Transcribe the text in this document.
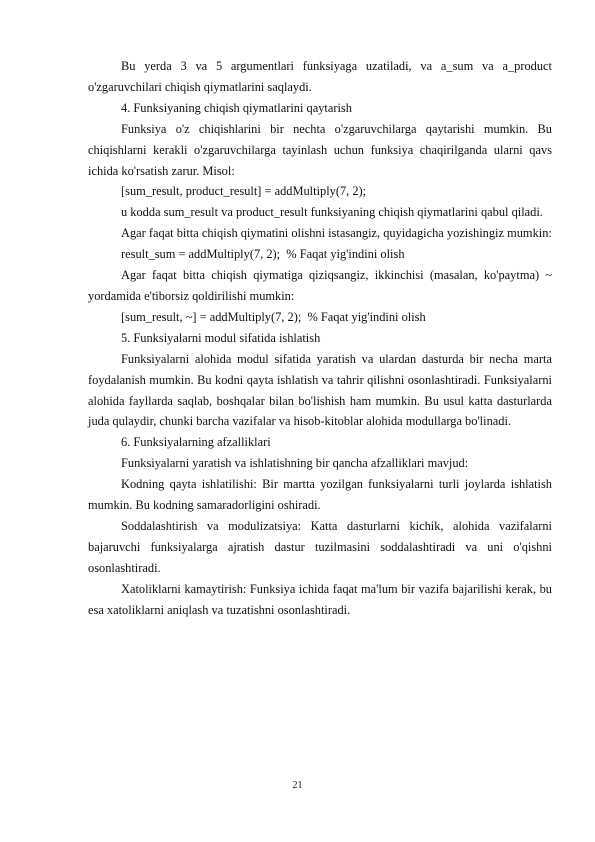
Bu yerda 3 va 5 argumentlari funksiyaga uzatiladi, va a_sum va a_product o'zgaruvchilari chiqish qiymatlarini saqlaydi.

4. Funksiyaning chiqish qiymatlarini qaytarish

Funksiya o'z chiqishlarini bir nechta o'zgaruvchilarga qaytarishi mumkin. Bu chiqishlarni kerakli o'zgaruvchilarga tayinlash uchun funksiya chaqirilganda ularni qavs ichida ko'rsatish zarur. Misol:

[sum_result, product_result] = addMultiply(7, 2);

u kodda sum_result va product_result funksiyaning chiqish qiymatlarini qabul qiladi.

Agar faqat bitta chiqish qiymatini olishni istasangiz, quyidagicha yozishingiz mumkin:

result_sum = addMultiply(7, 2);  % Faqat yig'indini olish

Agar faqat bitta chiqish qiymatiga qiziqsangiz, ikkinchisi (masalan, ko'paytma) ~ yordamida e'tiborsiz qoldirilishi mumkin:

[sum_result, ~] = addMultiply(7, 2);  % Faqat yig'indini olish

5. Funksiyalarni modul sifatida ishlatish

Funksiyalarni alohida modul sifatida yaratish va ulardan dasturda bir necha marta foydalanish mumkin. Bu kodni qayta ishlatish va tahrir qilishni osonlashtiradi. Funksiyalarni alohida fayllarda saqlab, boshqalar bilan bo'lishish ham mumkin. Bu usul katta dasturlarda juda qulaydir, chunki barcha vazifalar va hisob-kitoblar alohida modullarga bo'linadi.

6. Funksiyalarning afzalliklari

Funksiyalarni yaratish va ishlatishning bir qancha afzalliklari mavjud:

Kodning qayta ishlatilishi: Bir martta yozilgan funksiyalarni turli joylarda ishlatish mumkin. Bu kodning samaradorligini oshiradi.

Soddalashtirish va modulizatsiya: Katta dasturlarni kichik, alohida vazifalarni bajaruvchi funksiyalarga ajratish dastur tuzilmasini soddalashtiradi va uni o'qishni osonlashtiradi.

Xatoliklarni kamaytirish: Funksiya ichida faqat ma'lum bir vazifa bajarilishi kerak, bu esa xatoliklarni aniqlash va tuzatishni osonlashtiradi.

21
